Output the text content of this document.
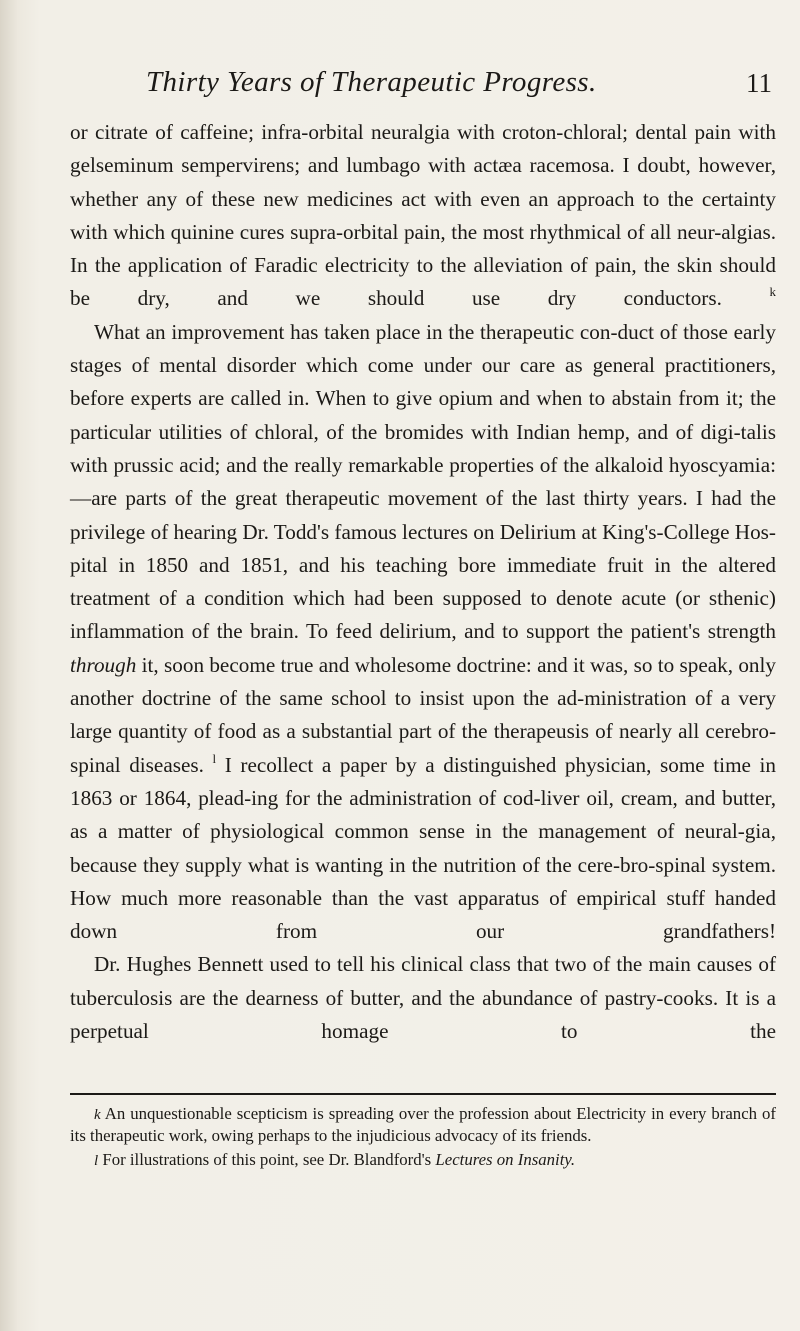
Thirty Years of Therapeutic Progress.	11

or citrate of caffeine; infra-orbital neuralgia with croton-chloral; dental pain with gelseminum sempervirens; and lumbago with actæa racemosa. I doubt, however, whether any of these new medicines act with even an approach to the certainty with which quinine cures supra-orbital pain, the most rhythmical of all neur-algias. In the application of Faradic electricity to the alleviation of pain, the skin should be dry, and we should use dry conductors.	$^k$

What an improvement has taken place in the therapeutic con-duct of those early stages of mental disorder which come under our care as general practitioners, before experts are called in. When to give opium and when to abstain from it; the particular utilities of chloral, of the bromides with Indian hemp, and of digi-talis with prussic acid; and the really remarkable properties of the alkaloid hyoscyamia:—are parts of the great therapeutic movement of the last thirty years. I had the privilege of hearing Dr. Todd's famous lectures on Delirium at King's-College Hos-pital in 1850 and 1851, and his teaching bore immediate fruit in the altered treatment of a condition which had been supposed to denote acute (or sthenic) inflammation of the brain. To feed delirium, and to support the patient's strength through it, soon become true and wholesome doctrine: and it was, so to speak, only another doctrine of the same school to insist upon the ad-ministration of a very large quantity of food as a substantial part of the therapeusis of nearly all cerebro-spinal diseases. $^l$ I recollect a paper by a distinguished physician, some time in 1863 or 1864, plead-ing for the administration of cod-liver oil, cream, and butter, as a matter of physiological common sense in the management of neural-gia, because they supply what is wanting in the nutrition of the cere-bro-spinal system. How much more reasonable than the vast apparatus of empirical stuff handed down from our grandfathers!

Dr. Hughes Bennett used to tell his clinical class that two of the main causes of tuberculosis are the dearness of butter, and the abundance of pastry-cooks. It is a perpetual homage to the

k An unquestionable scepticism is spreading over the profession about Electricity in every branch of its therapeutic work, owing perhaps to the injudicious advocacy of its friends.

l For illustrations of this point, see Dr. Blandford's Lectures on Insanity.
